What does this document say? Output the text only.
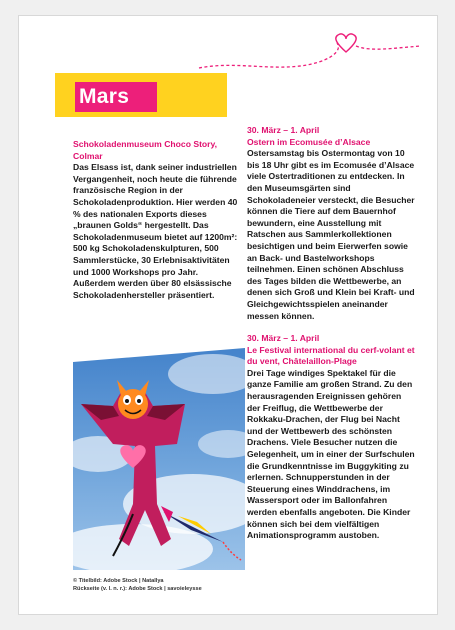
Mars

Schokoladenmuseum Choco Story, Colmar

Das Elsass ist, dank seiner industriellen Vergangenheit, noch heute die führende französische Region in der Schokoladenproduktion. Hier werden 40 % des nationalen Exports dieses „braunen Golds“ hergestellt. Das Schokoladenmuseum bietet auf 1200m²: 500 kg Schokoladenskulpturen, 500 Sammlerstücke, 30 Erlebnisaktivitäten und 1000 Workshops pro Jahr. Außerdem werden über 80 elsässische Schokoladenhersteller präsentiert.

30. März – 1. April

Ostern im Ecomusée d’Alsace

Ostersamstag bis Ostermontag von 10 bis 18 Uhr gibt es im Ecomusée d’Alsace viele Ostertraditionen zu entdecken. In den Museumsgärten sind Schokoladeneier versteckt, die Besucher können die Tiere auf dem Bauernhof bewundern, eine Ausstellung mit Ratschen aus Sammlerkollektionen besichtigen und beim Eierwerfen sowie an Back- und Bastelworkshops teilnehmen. Einen schönen Abschluss des Tages bilden die Wettbewerbe, an denen sich Groß und Klein bei Kraft- und Gleichgewichtsspielen aneinander messen können.

30. März – 1. April

Le Festival international du cerf-volant et du vent, Châtelaillon-Plage

Drei Tage windiges Spektakel für die ganze Familie am großen Strand. Zu den herausragenden Ereignissen gehören der Freiflug, die Wettbewerbe der Rokkaku-Drachen, der Flug bei Nacht und der Wettbewerb des schönsten Drachens. Viele Besucher nutzen die Gelegenheit, um in einer der Surfschulen die Grundkenntnisse im Buggykiting zu erlernen. Schnupperstunden in der Steuerung eines Winddrachens, im Wassersport oder im Ballonfahren werden ebenfalls angeboten. Die Kinder können sich bei dem vielfältigen Animationsprogramm austoben.

© Titelbild: Adobe Stock | Natallya
Rückseite (v. l. n. r.): Adobe Stock | savoieleysse
